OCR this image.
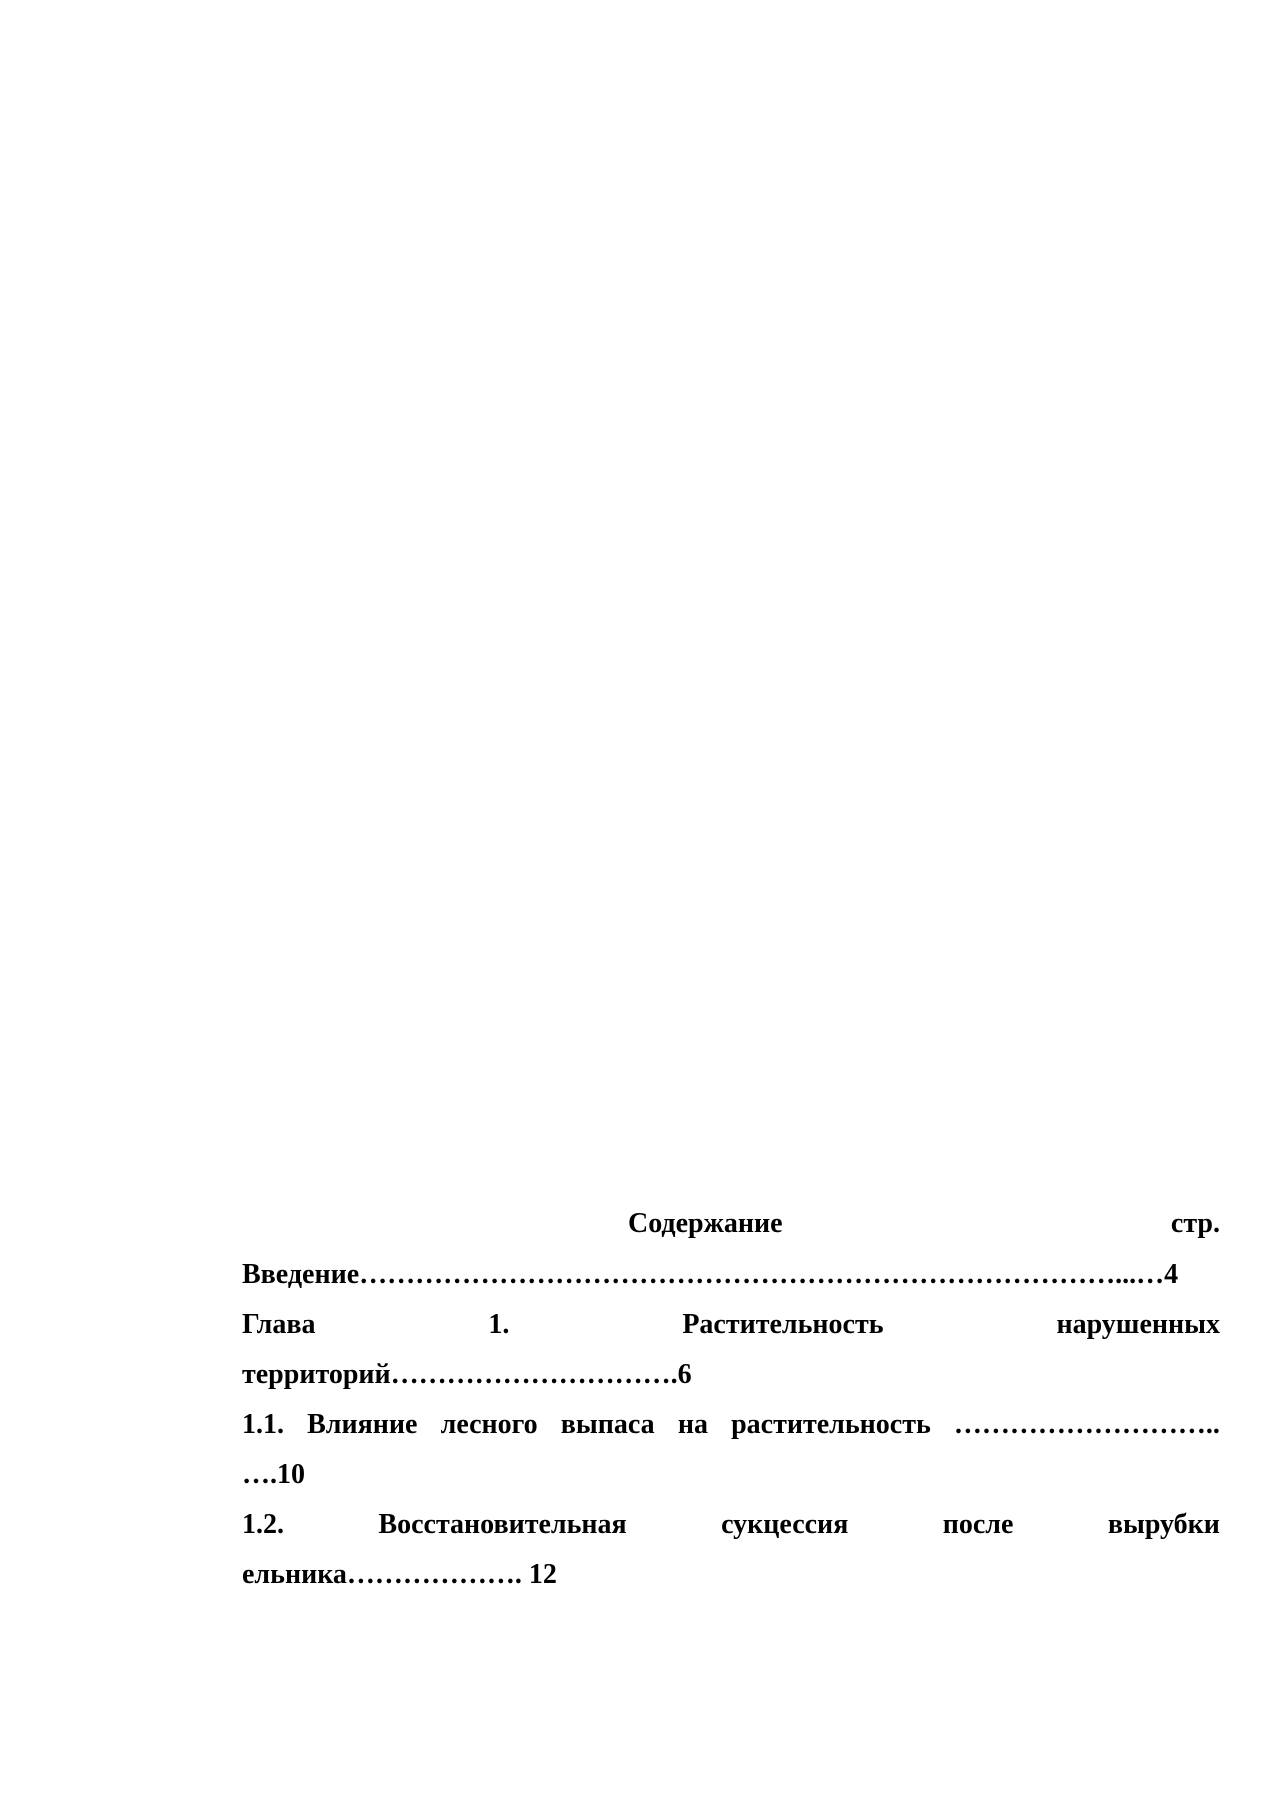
Содержание	стр.
Введение………………………………………………………………………...…4
Глава	1.	Растительность	нарушенных
территорий………………………….6
1.1. Влияние лесного выпаса на растительность ………………………..
….10
1.2.	Восстановительная	сукцессия	после	вырубки
ельника………………. 12
